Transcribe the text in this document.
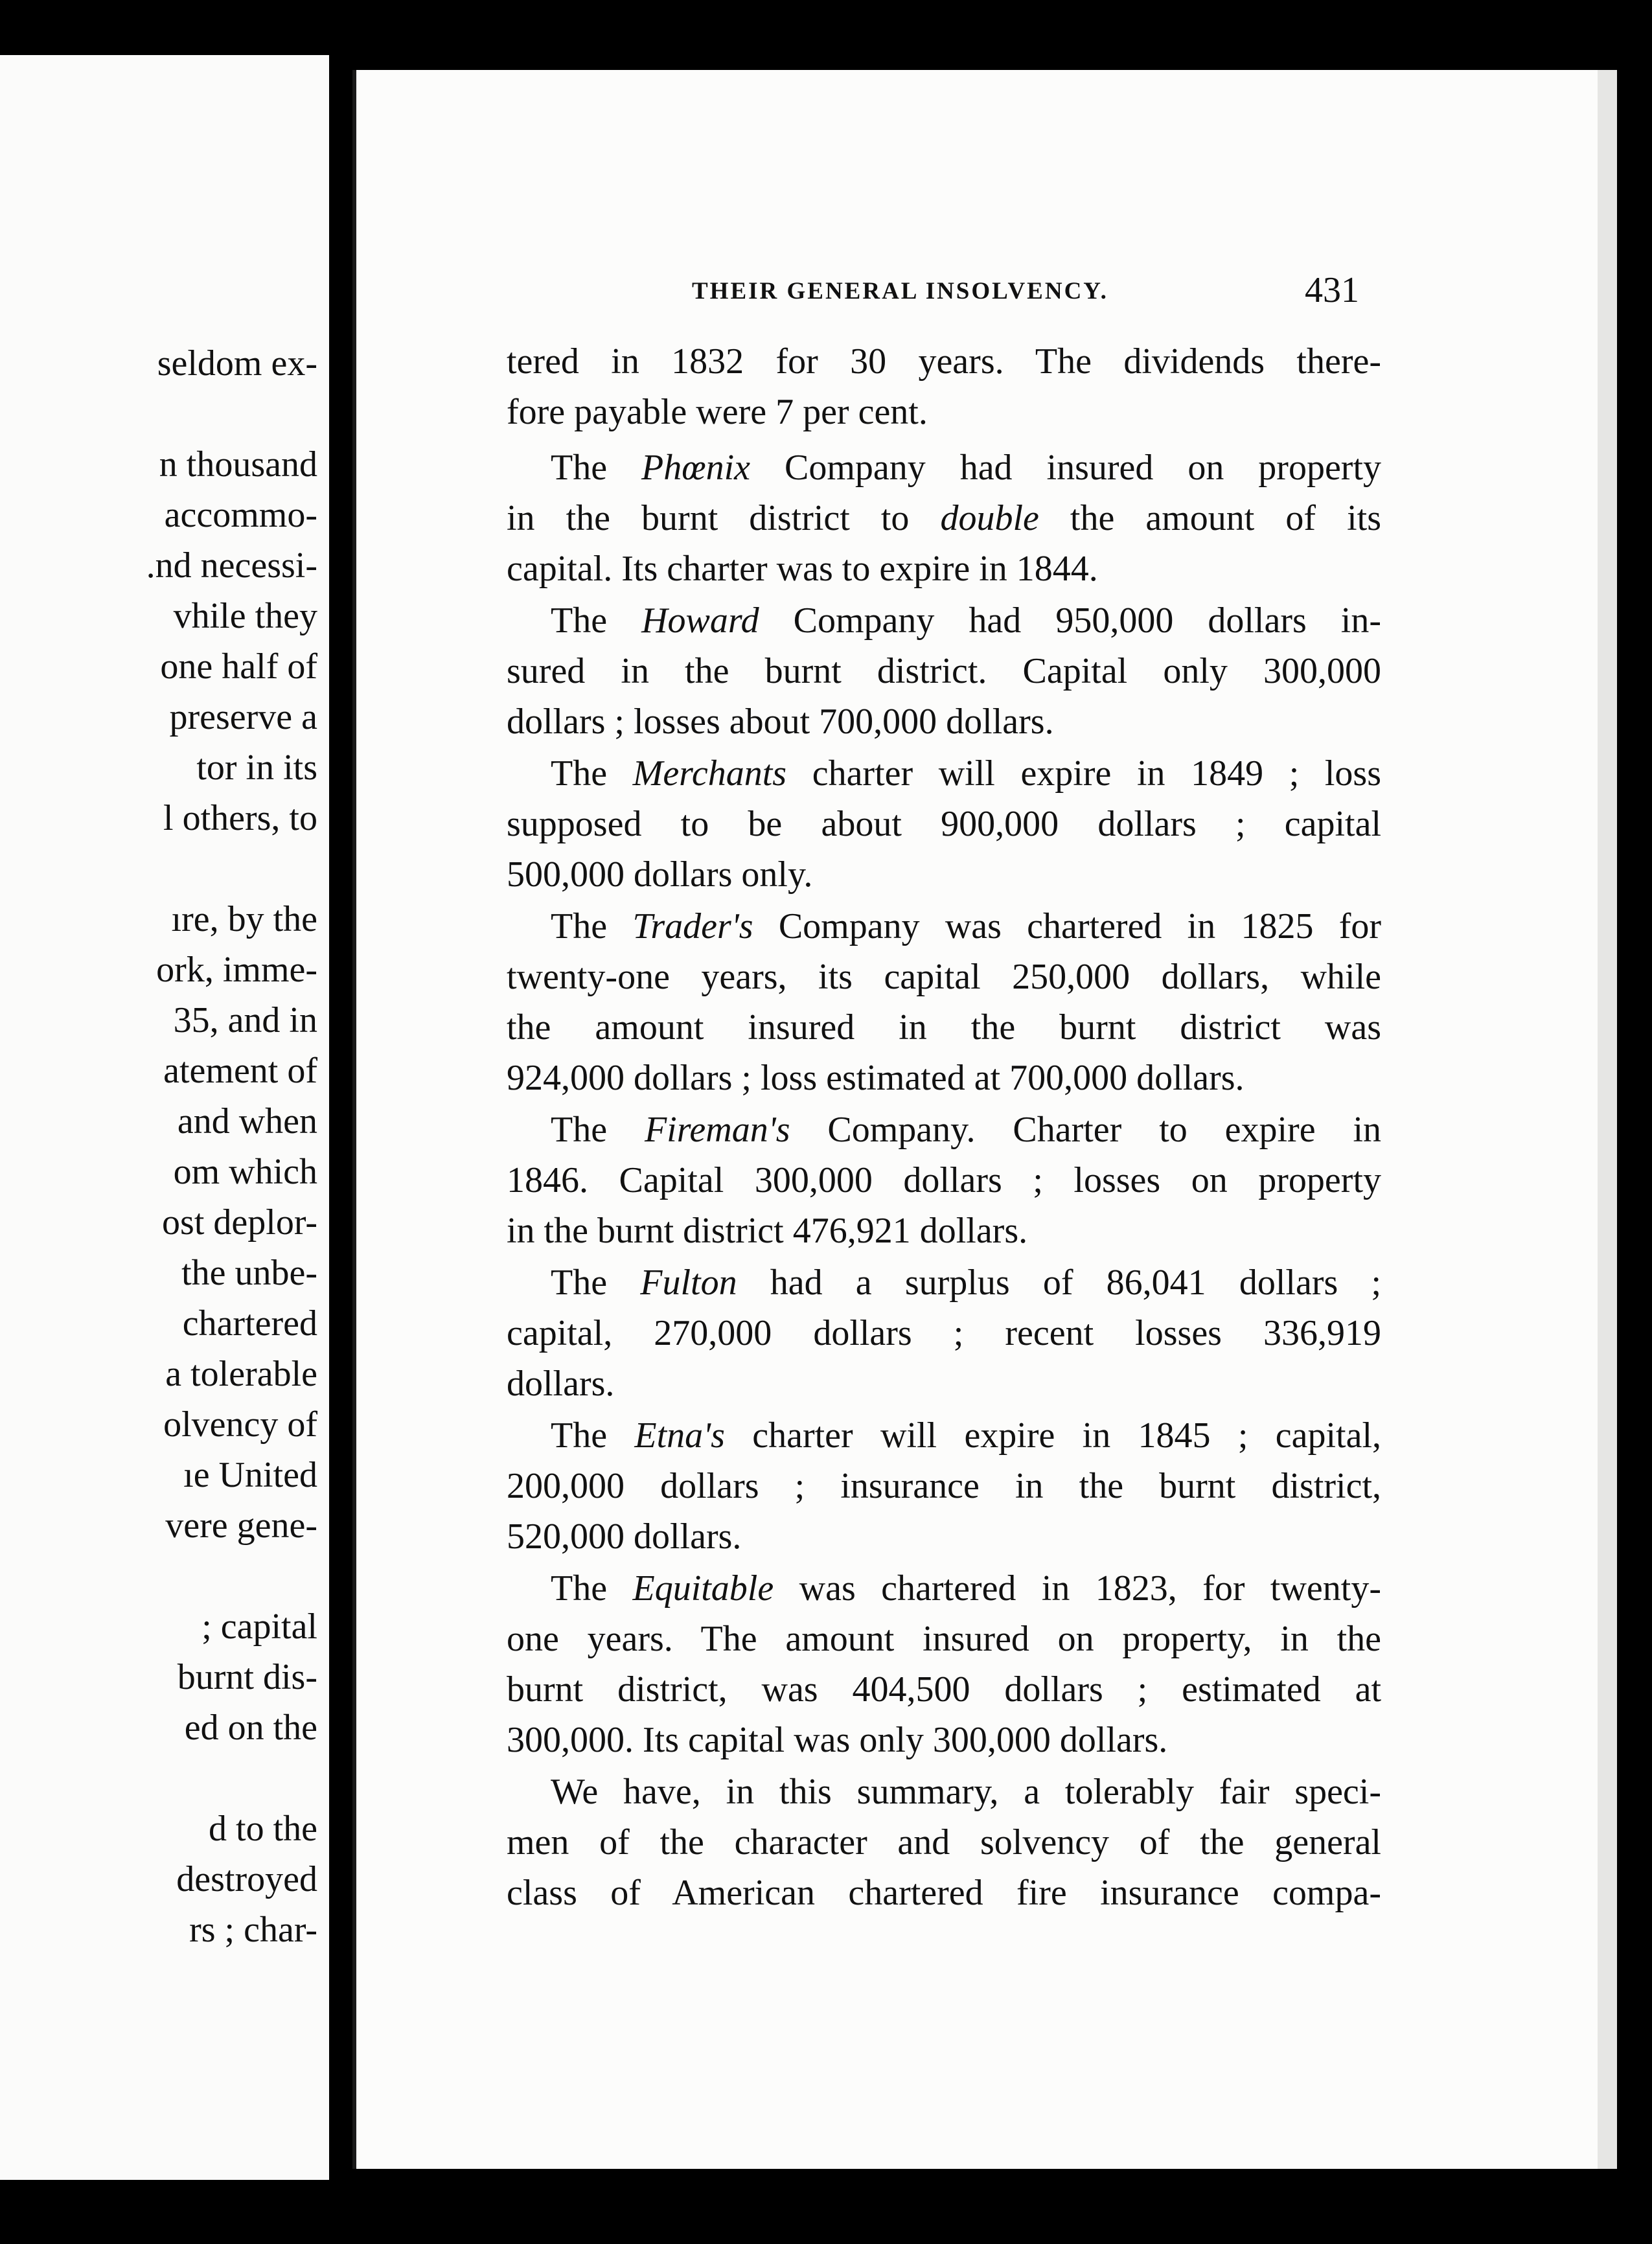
seldom ex-
n thousand
accommo-
.nd necessi-
vhile they
one half of
preserve a
tor in its
l others, to
ıre, by the
ork, imme-
35, and in
atement of
and when
om which
ost deplor-
the unbe-
chartered
a tolerable
olvency of
ıe United
vere gene-
; capital
burnt dis-
ed on the
d to the
destroyed
rs ; char-
THEIR GENERAL INSOLVENCY.	431
tered in 1832 for 30 years. The dividends there-
fore payable were 7 per cent.
The Phœnix Company had insured on property
in the burnt district to double the amount of its
capital. Its charter was to expire in 1844.
The Howard Company had 950,000 dollars in-
sured in the burnt district. Capital only 300,000
dollars ; losses about 700,000 dollars.
The Merchants charter will expire in 1849 ; loss
supposed to be about 900,000 dollars ; capital
500,000 dollars only.
The Trader's Company was chartered in 1825 for
twenty-one years, its capital 250,000 dollars, while
the amount insured in the burnt district was
924,000 dollars ; loss estimated at 700,000 dollars.
The Fireman's Company. Charter to expire in
1846. Capital 300,000 dollars ; losses on property
in the burnt district 476,921 dollars.
The Fulton had a surplus of 86,041 dollars ;
capital, 270,000 dollars ; recent losses 336,919
dollars.
The Etna's charter will expire in 1845 ; capital,
200,000 dollars ; insurance in the burnt district,
520,000 dollars.
The Equitable was chartered in 1823, for twenty-
one years. The amount insured on property, in the
burnt district, was 404,500 dollars ; estimated at
300,000. Its capital was only 300,000 dollars.
We have, in this summary, a tolerably fair speci-
men of the character and solvency of the general
class of American chartered fire insurance compa-
